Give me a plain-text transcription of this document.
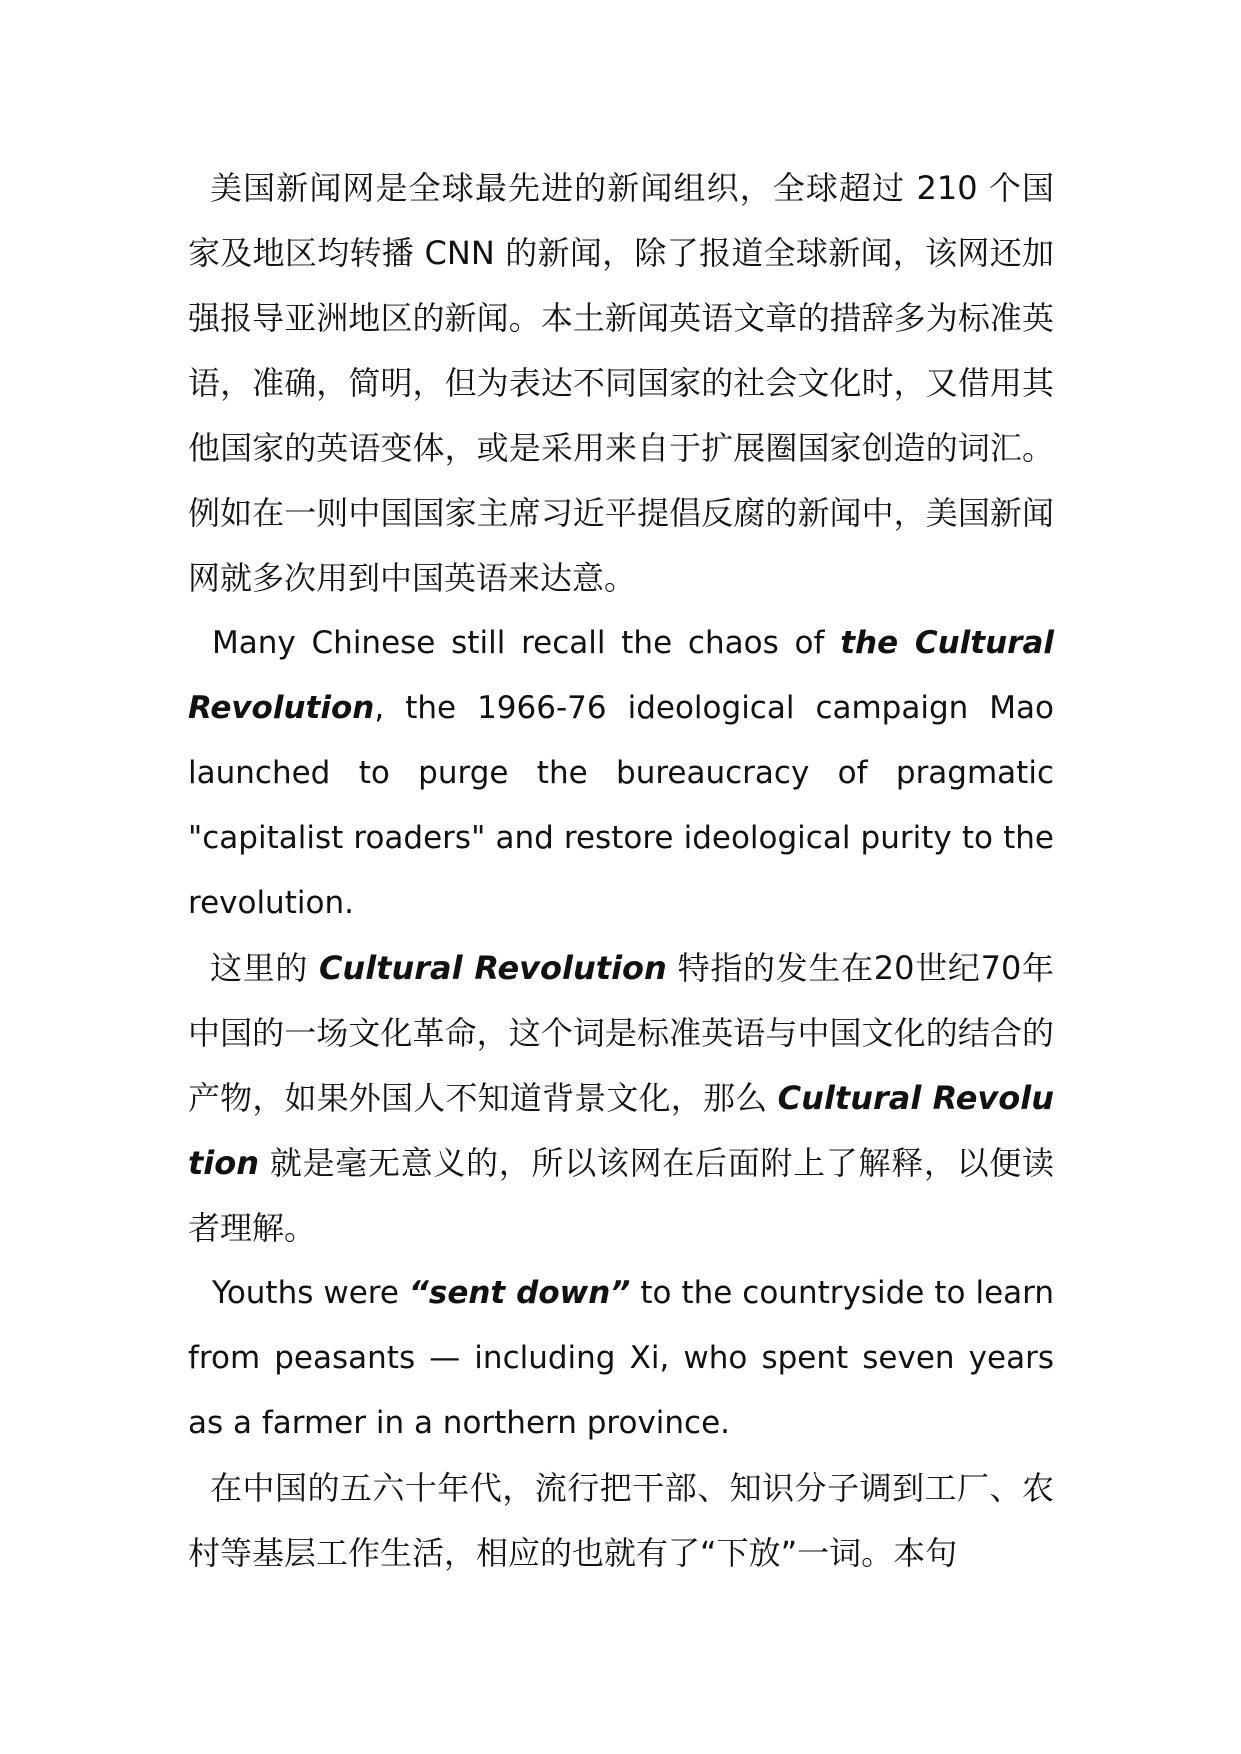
美国新闻网是全球最先进的新闻组织，全球超过 210 个国家及地区均转播 CNN 的新闻，除了报道全球新闻，该网还加强报导亚洲地区的新闻。本土新闻英语文章的措辞多为标准英语，准确，简明，但为表达不同国家的社会文化时，又借用其他国家的英语变体，或是采用来自于扩展圈国家创造的词汇。例如在一则中国国家主席习近平提倡反腐的新闻中，美国新闻网就多次用到中国英语来达意。

Many Chinese still recall the chaos of the Cultural Revolution, the 1966-76 ideological campaign Mao launched to purge the bureaucracy of pragmatic "capitalist roaders" and restore ideological purity to the revolution.

这里的 Cultural Revolution 特指的发生在20世纪70年中国的一场文化革命，这个词是标准英语与中国文化的结合的产物，如果外国人不知道背景文化，那么 Cultural Revolution 就是毫无意义的，所以该网在后面附上了解释，以便读者理解。

Youths were “sent down” to the countryside to learn from peasants — including Xi, who spent seven years as a farmer in a northern province.

在中国的五六十年代，流行把干部、知识分子调到工厂、农村等基层工作生活，相应的也就有了“下放”一词。本句
